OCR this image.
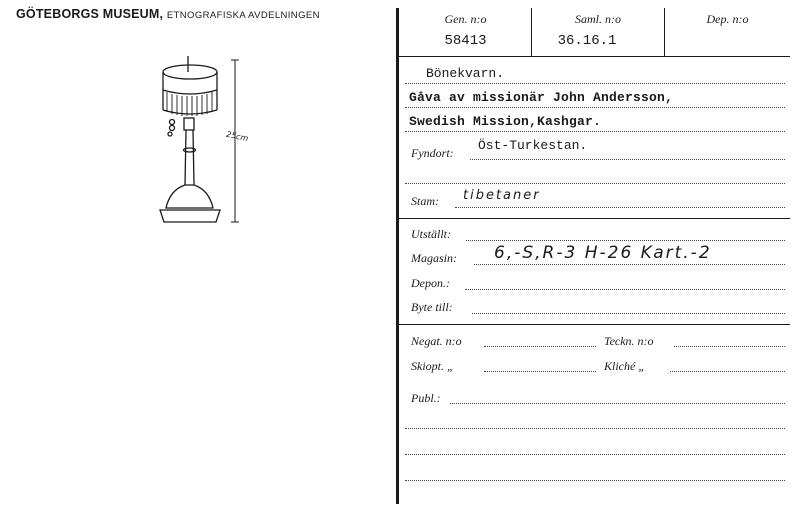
GÖTEBORGS MUSEUM, ETNOGRAFISKA AVDELNINGEN
25cm
Gen. n:o
58413
Saml. n:o
36.16.1
Dep. n:o
Bönekvarn.
Gåva av missionär John Andersson,
Swedish Mission,Kashgar.
Fyndort: Öst-Turkestan.
Stam: tibetaner
Utställt:
Magasin: 6,-S,R-3 H-26 Kart.-2
Depon.:
Byte till:
Negat. n:o	Teckn. n:o
Skiopt. „	Kliché „
Publ.:
